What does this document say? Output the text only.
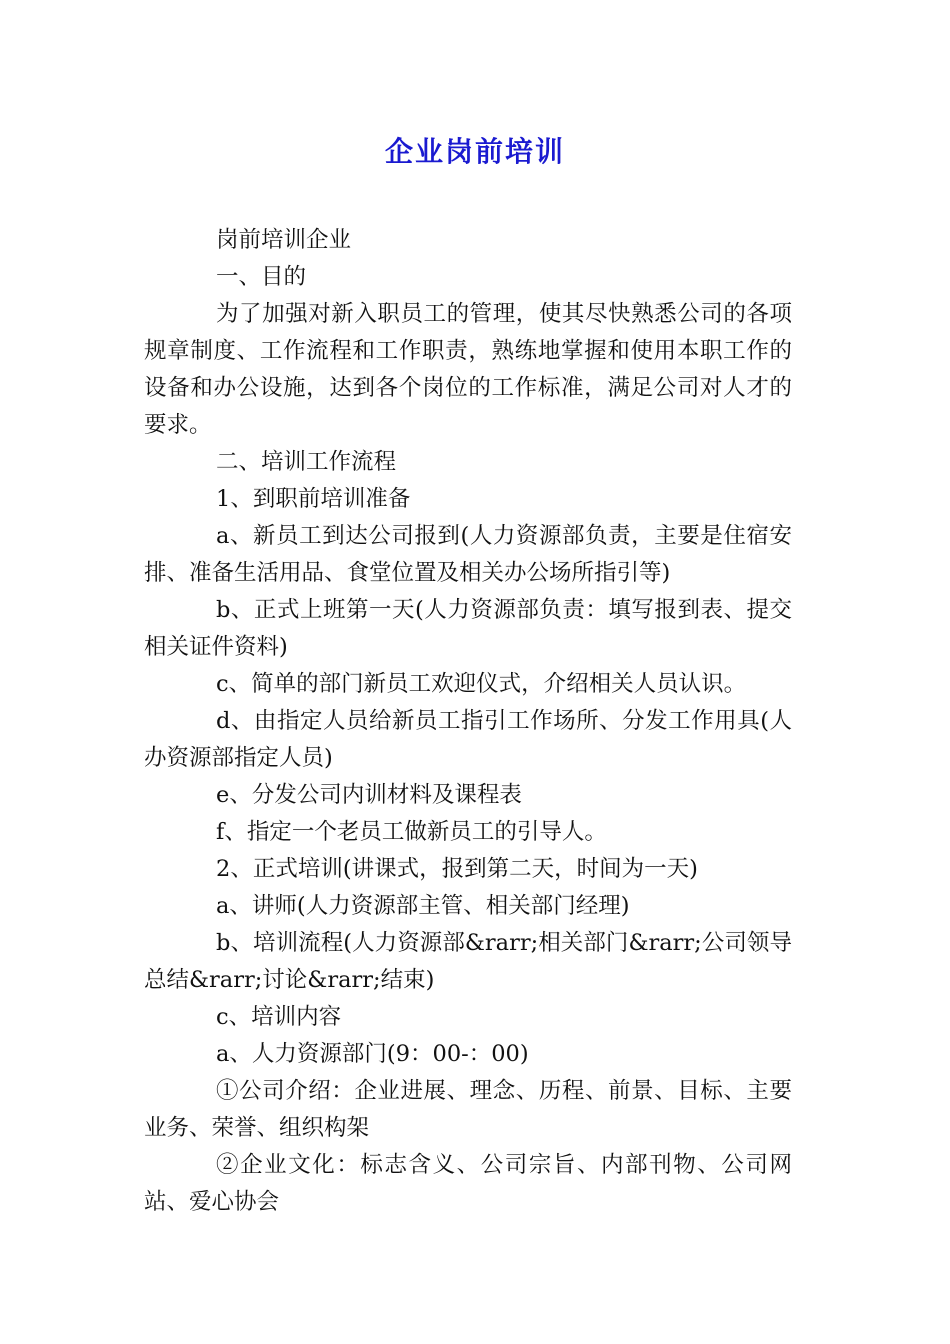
企业岗前培训

岗前培训企业

一、目的

为了加强对新入职员工的管理，使其尽快熟悉公司的各项规章制度、工作流程和工作职责，熟练地掌握和使用本职工作的设备和办公设施，达到各个岗位的工作标准，满足公司对人才的要求。

二、培训工作流程

1、到职前培训准备

a、新员工到达公司报到(人力资源部负责，主要是住宿安排、准备生活用品、食堂位置及相关办公场所指引等)

b、正式上班第一天(人力资源部负责：填写报到表、提交相关证件资料)

c、简单的部门新员工欢迎仪式，介绍相关人员认识。

d、由指定人员给新员工指引工作场所、分发工作用具(人办资源部指定人员)

e、分发公司内训材料及课程表

f、指定一个老员工做新员工的引导人。

2、正式培训(讲课式，报到第二天，时间为一天)

a、讲师(人力资源部主管、相关部门经理)

b、培训流程(人力资源部&rarr;相关部门&rarr;公司领导总结&rarr;讨论&rarr;结束)

c、培训内容

a、人力资源部门(9：00-：00)

①公司介绍：企业进展、理念、历程、前景、目标、主要业务、荣誉、组织构架

②企业文化：标志含义、公司宗旨、内部刊物、公司网站、爱心协会
